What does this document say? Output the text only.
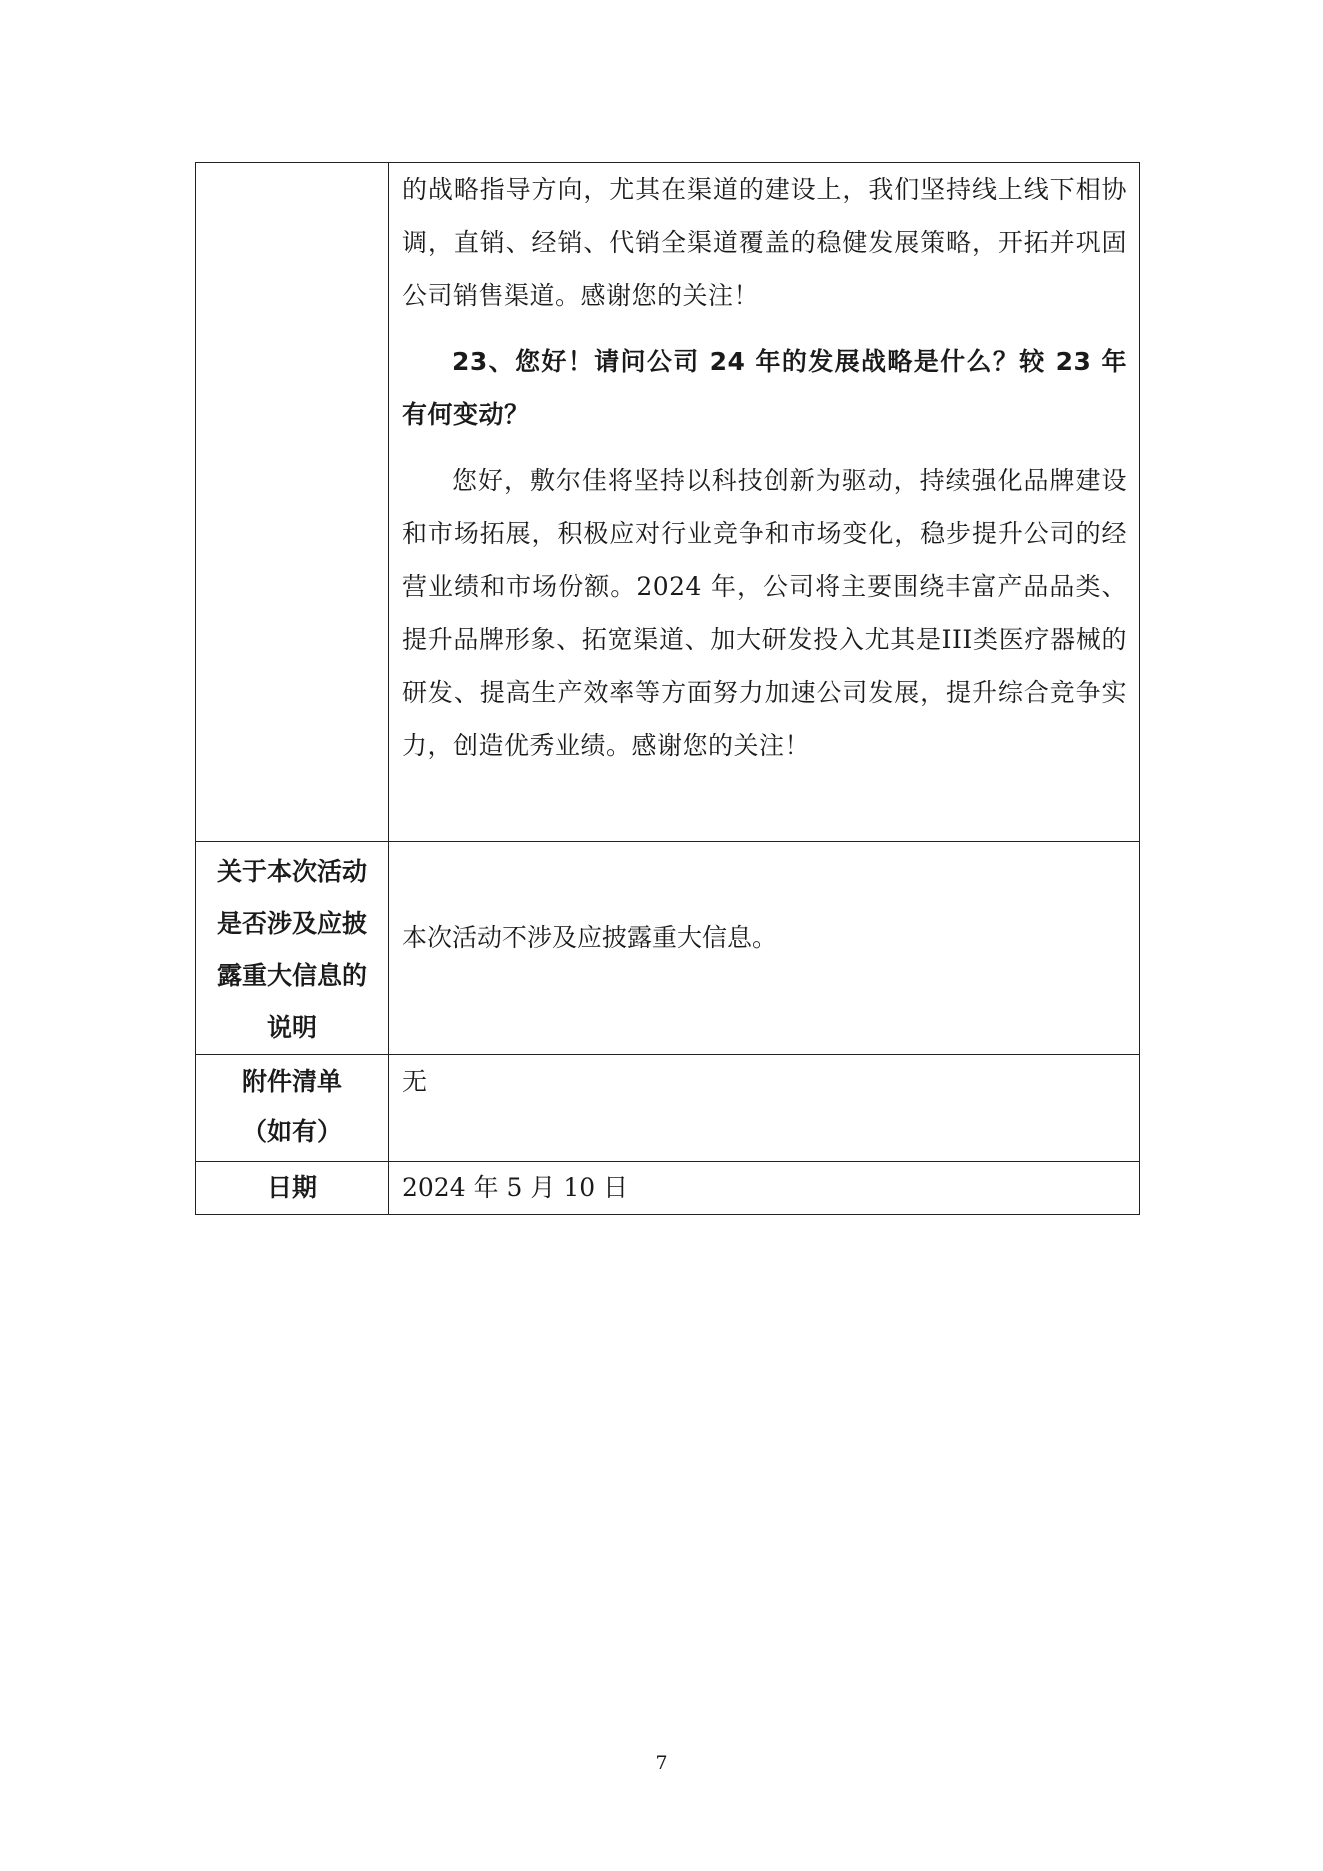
	的战略指导方向，尤其在渠道的建设上，我们坚持线上线下相协调，直销、经销、代销全渠道覆盖的稳健发展策略，开拓并巩固公司销售渠道。感谢您的关注！

23、您好！请问公司 24 年的发展战略是什么？较 23 年有何变动？

您好，敷尔佳将坚持以科技创新为驱动，持续强化品牌建设和市场拓展，积极应对行业竞争和市场变化，稳步提升公司的经营业绩和市场份额。2024 年，公司将主要围绕丰富产品品类、提升品牌形象、拓宽渠道、加大研发投入尤其是III类医疗器械的研发、提高生产效率等方面努力加速公司发展，提升综合竞争实力，创造优秀业绩。感谢您的关注！

关于本次活动
是否涉及应披
露重大信息的
说明	本次活动不涉及应披露重大信息。

附件清单
（如有）	无

日期	2024 年 5 月 10 日
7
